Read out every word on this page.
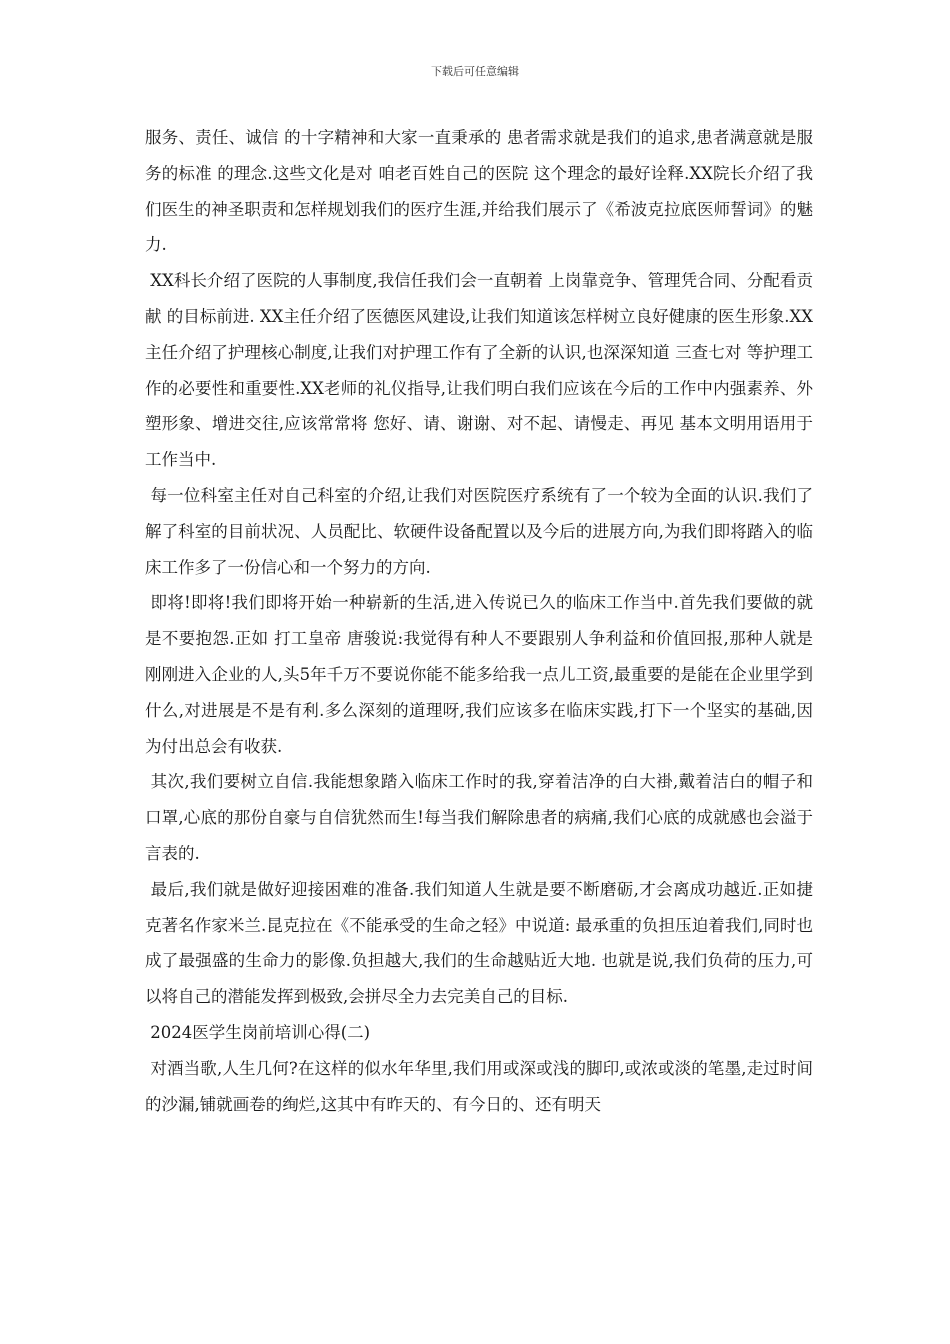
下载后可任意编辑

服务、责任、诚信 的十字精神和大家一直秉承的 患者需求就是我们的追求,患者满意就是服务的标准 的理念.这些文化是对 咱老百姓自己的医院 这个理念的最好诠释.XX院长介绍了我们医生的神圣职责和怎样规划我们的医疗生涯,并给我们展示了《希波克拉底医师誓词》的魅力.

XX科长介绍了医院的人事制度,我信任我们会一直朝着 上岗靠竞争、管理凭合同、分配看贡献 的目标前进. XX主任介绍了医德医风建设,让我们知道该怎样树立良好健康的医生形象.XX主任介绍了护理核心制度,让我们对护理工作有了全新的认识,也深深知道 三查七对 等护理工作的必要性和重要性.XX老师的礼仪指导,让我们明白我们应该在今后的工作中内强素养、外塑形象、增进交往,应该常常将 您好、请、谢谢、对不起、请慢走、再见 基本文明用语用于工作当中.

每一位科室主任对自己科室的介绍,让我们对医院医疗系统有了一个较为全面的认识.我们了解了科室的目前状况、人员配比、软硬件设备配置以及今后的进展方向,为我们即将踏入的临床工作多了一份信心和一个努力的方向.

即将!即将!我们即将开始一种崭新的生活,进入传说已久的临床工作当中.首先我们要做的就是不要抱怨.正如 打工皇帝 唐骏说:我觉得有种人不要跟别人争利益和价值回报,那种人就是刚刚进入企业的人,头5年千万不要说你能不能多给我一点儿工资,最重要的是能在企业里学到什么,对进展是不是有利.多么深刻的道理呀,我们应该多在临床实践,打下一个坚实的基础,因为付出总会有收获.

其次,我们要树立自信.我能想象踏入临床工作时的我,穿着洁净的白大褂,戴着洁白的帽子和口罩,心底的那份自豪与自信犹然而生!每当我们解除患者的病痛,我们心底的成就感也会溢于言表的.

最后,我们就是做好迎接困难的准备.我们知道人生就是要不断磨砺,才会离成功越近.正如捷克著名作家米兰.昆克拉在《不能承受的生命之轻》中说道: 最承重的负担压迫着我们,同时也成了最强盛的生命力的影像.负担越大,我们的生命越贴近大地. 也就是说,我们负荷的压力,可以将自己的潜能发挥到极致,会拼尽全力去完美自己的目标.

2024医学生岗前培训心得(二)

对酒当歌,人生几何?在这样的似水年华里,我们用或深或浅的脚印,或浓或淡的笔墨,走过时间的沙漏,铺就画卷的绚烂,这其中有昨天的、有今日的、还有明天
